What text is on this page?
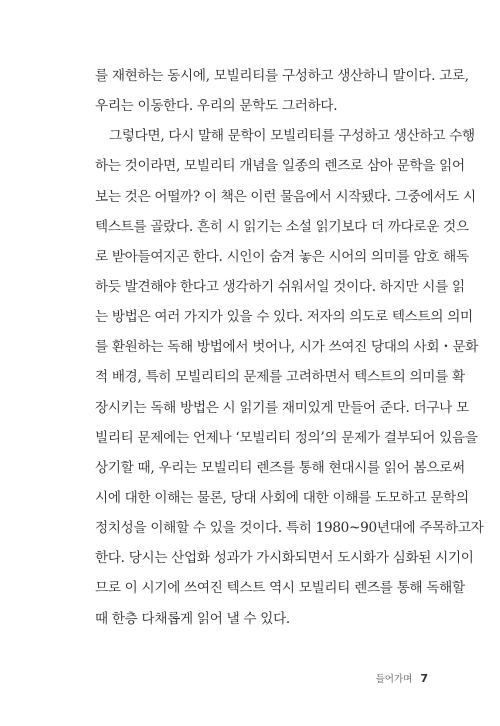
를 재현하는 동시에, 모빌리티를 구성하고 생산하니 말이다. 고로,
우리는 이동한다. 우리의 문학도 그러하다.
그렇다면, 다시 말해 문학이 모빌리티를 구성하고 생산하고 수행
하는 것이라면, 모빌리티 개념을 일종의 렌즈로 삼아 문학을 읽어
보는 것은 어떨까? 이 책은 이런 물음에서 시작됐다. 그중에서도 시
텍스트를 골랐다. 흔히 시 읽기는 소설 읽기보다 더 까다로운 것으
로 받아들여지곤 한다. 시인이 숨겨 놓은 시어의 의미를 암호 해독
하듯 발견해야 한다고 생각하기 쉬워서일 것이다. 하지만 시를 읽
는 방법은 여러 가지가 있을 수 있다. 저자의 의도로 텍스트의 의미
를 환원하는 독해 방법에서 벗어나, 시가 쓰여진 당대의 사회・문화
적 배경, 특히 모빌리티의 문제를 고려하면서 텍스트의 의미를 확
장시키는 독해 방법은 시 읽기를 재미있게 만들어 준다. 더구나 모
빌리티 문제에는 언제나 ‘모빌리티 정의’의 문제가 결부되어 있음을
상기할 때, 우리는 모빌리티 렌즈를 통해 현대시를 읽어 봄으로써
시에 대한 이해는 물론, 당대 사회에 대한 이해를 도모하고 문학의
정치성을 이해할 수 있을 것이다. 특히 1980~90년대에 주목하고자
한다. 당시는 산업화 성과가 가시화되면서 도시화가 심화된 시기이
므로 이 시기에 쓰여진 텍스트 역시 모빌리티 렌즈를 통해 독해할
때 한층 다채롭게 읽어 낼 수 있다.
들어가며 7
